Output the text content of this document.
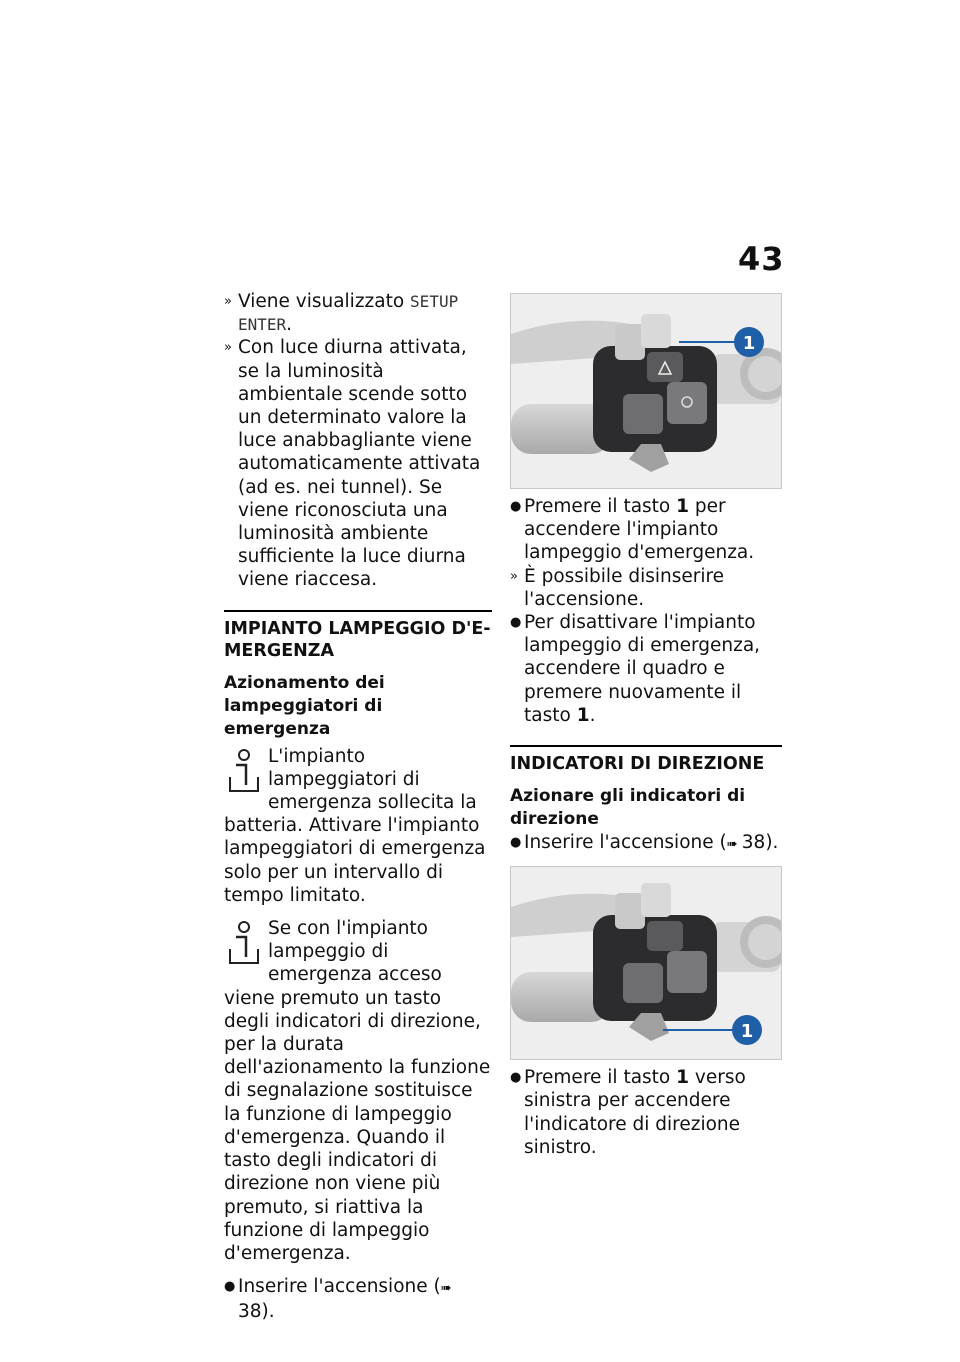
43
» Viene visualizzato SETUP ENTER.
» Con luce diurna attivata, se la luminosità ambientale scende sotto un determinato valore la luce anabbagliante viene automaticamente attivata (ad es. nei tunnel). Se viene riconosciuta una luminosità ambiente sufficiente la luce diurna viene riaccesa.
IMPIANTO LAMPEGGIO D'E-
MERGENZA
Azionamento dei
lampeggiatori di emergenza

L'impianto lampeggiatori di emergenza sollecita la batteria. Attivare l'impianto lampeggiatori di emergenza solo per un intervallo di tempo limitato.

Se con l'impianto lampeggio di emergenza acceso viene premuto un tasto degli indicatori di direzione, per la durata dell'azionamento la funzione di segnalazione sostituisce la funzione di lampeggio d'emergenza. Quando il tasto degli indicatori di direzione non viene più premuto, si riattiva la funzione di lampeggio d'emergenza.

● Inserire l'accensione (➠ 38).
1
● Premere il tasto 1 per accendere l'impianto lampeggio d'emergenza.
» È possibile disinserire l'accensione.
● Per disattivare l'impianto lampeggio di emergenza, accendere il quadro e premere nuovamente il tasto 1.
INDICATORI DI DIREZIONE
Azionare gli indicatori di
direzione
● Inserire l'accensione (➠ 38).
1
● Premere il tasto 1 verso sinistra per accendere l'indicatore di direzione sinistro.
